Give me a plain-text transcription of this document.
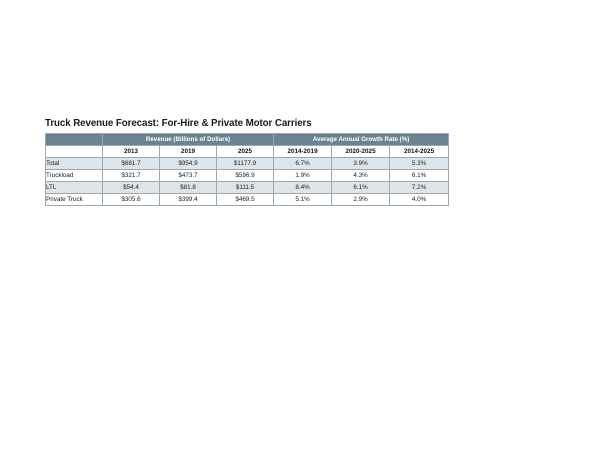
Truck Revenue Forecast: For-Hire & Private Motor Carriers
	Revenue (Billions of Dollars)			Average Annual Growth Rate (%)		
	2013	2019	2025	2014-2019	2020-2025	2014-2025
Total	$681.7	$954.9	$1177.9	6.7%	3.9%	5.3%
Truckload	$321.7	$473.7	$596.9	1.9%	4.3%	6.1%
LTL	$54.4	$81.8	$111.5	8.4%	6.1%	7.2%
Private Truck	$305.6	$399.4	$469.5	5.1%	2.9%	4.0%
